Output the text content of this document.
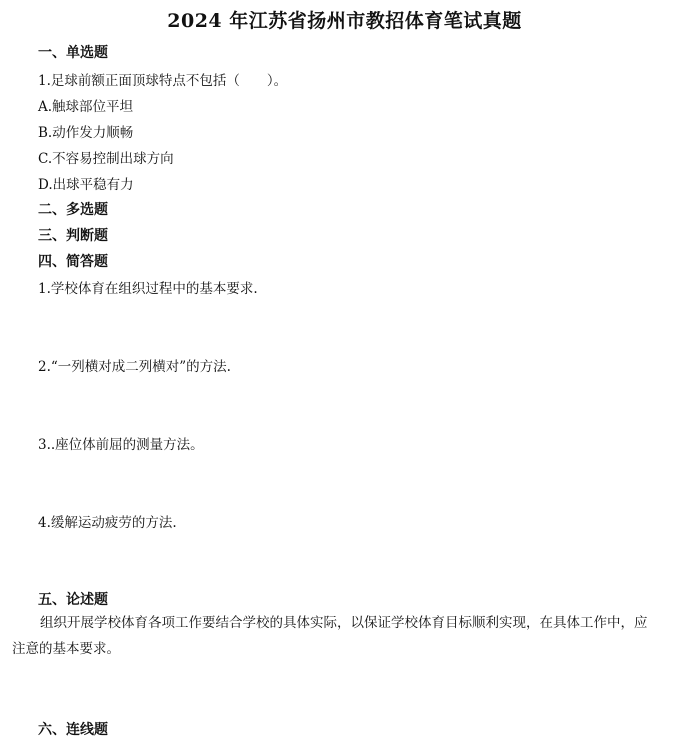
2024 年江苏省扬州市教招体育笔试真题
一、单选题
1.足球前额正面顶球特点不包括（　　）。
A.触球部位平坦
B.动作发力顺畅
C.不容易控制出球方向
D.出球平稳有力
二、多选题
三、判断题
四、简答题
1.学校体育在组织过程中的基本要求.
2.“一列横对成二列横对”的方法.
3..座位体前屈的测量方法。
4.缓解运动疲劳的方法.
五、论述题
组织开展学校体育各项工作要结合学校的具体实际，以保证学校体育目标顺利实现，在具体工作中，应注意的基本要求。
六、连线题
